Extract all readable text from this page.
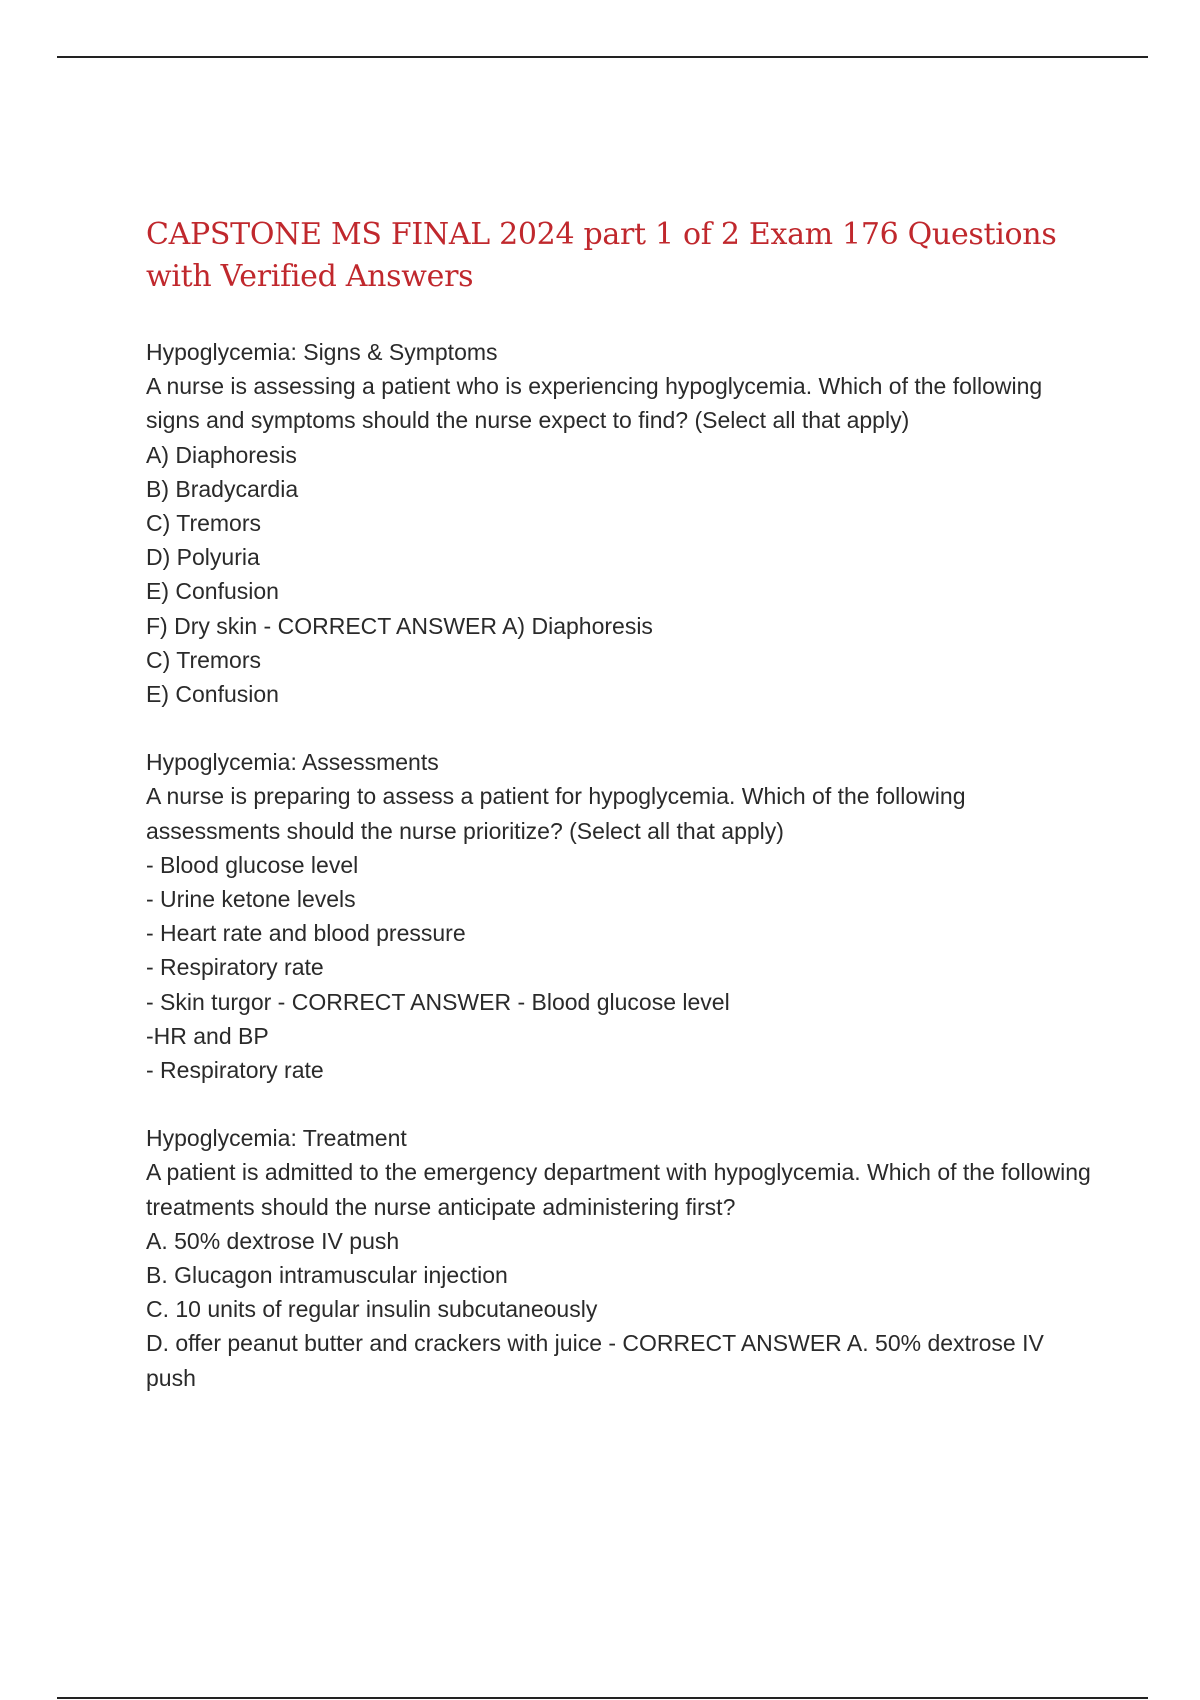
CAPSTONE MS FINAL 2024 part 1 of 2 Exam 176 Questions with Verified Answers
Hypoglycemia: Signs & Symptoms
A nurse is assessing a patient who is experiencing hypoglycemia. Which of the following signs and symptoms should the nurse expect to find? (Select all that apply)
A) Diaphoresis
B) Bradycardia
C) Tremors
D) Polyuria
E) Confusion
F) Dry skin - CORRECT ANSWER A) Diaphoresis
C) Tremors
E) Confusion
Hypoglycemia: Assessments
A nurse is preparing to assess a patient for hypoglycemia. Which of the following assessments should the nurse prioritize? (Select all that apply)
- Blood glucose level
- Urine ketone levels
- Heart rate and blood pressure
- Respiratory rate
- Skin turgor - CORRECT ANSWER - Blood glucose level
-HR and BP
- Respiratory rate
Hypoglycemia: Treatment
A patient is admitted to the emergency department with hypoglycemia. Which of the following treatments should the nurse anticipate administering first?
A. 50% dextrose IV push
B. Glucagon intramuscular injection
C. 10 units of regular insulin subcutaneously
D. offer peanut butter and crackers with juice - CORRECT ANSWER A. 50% dextrose IV push
